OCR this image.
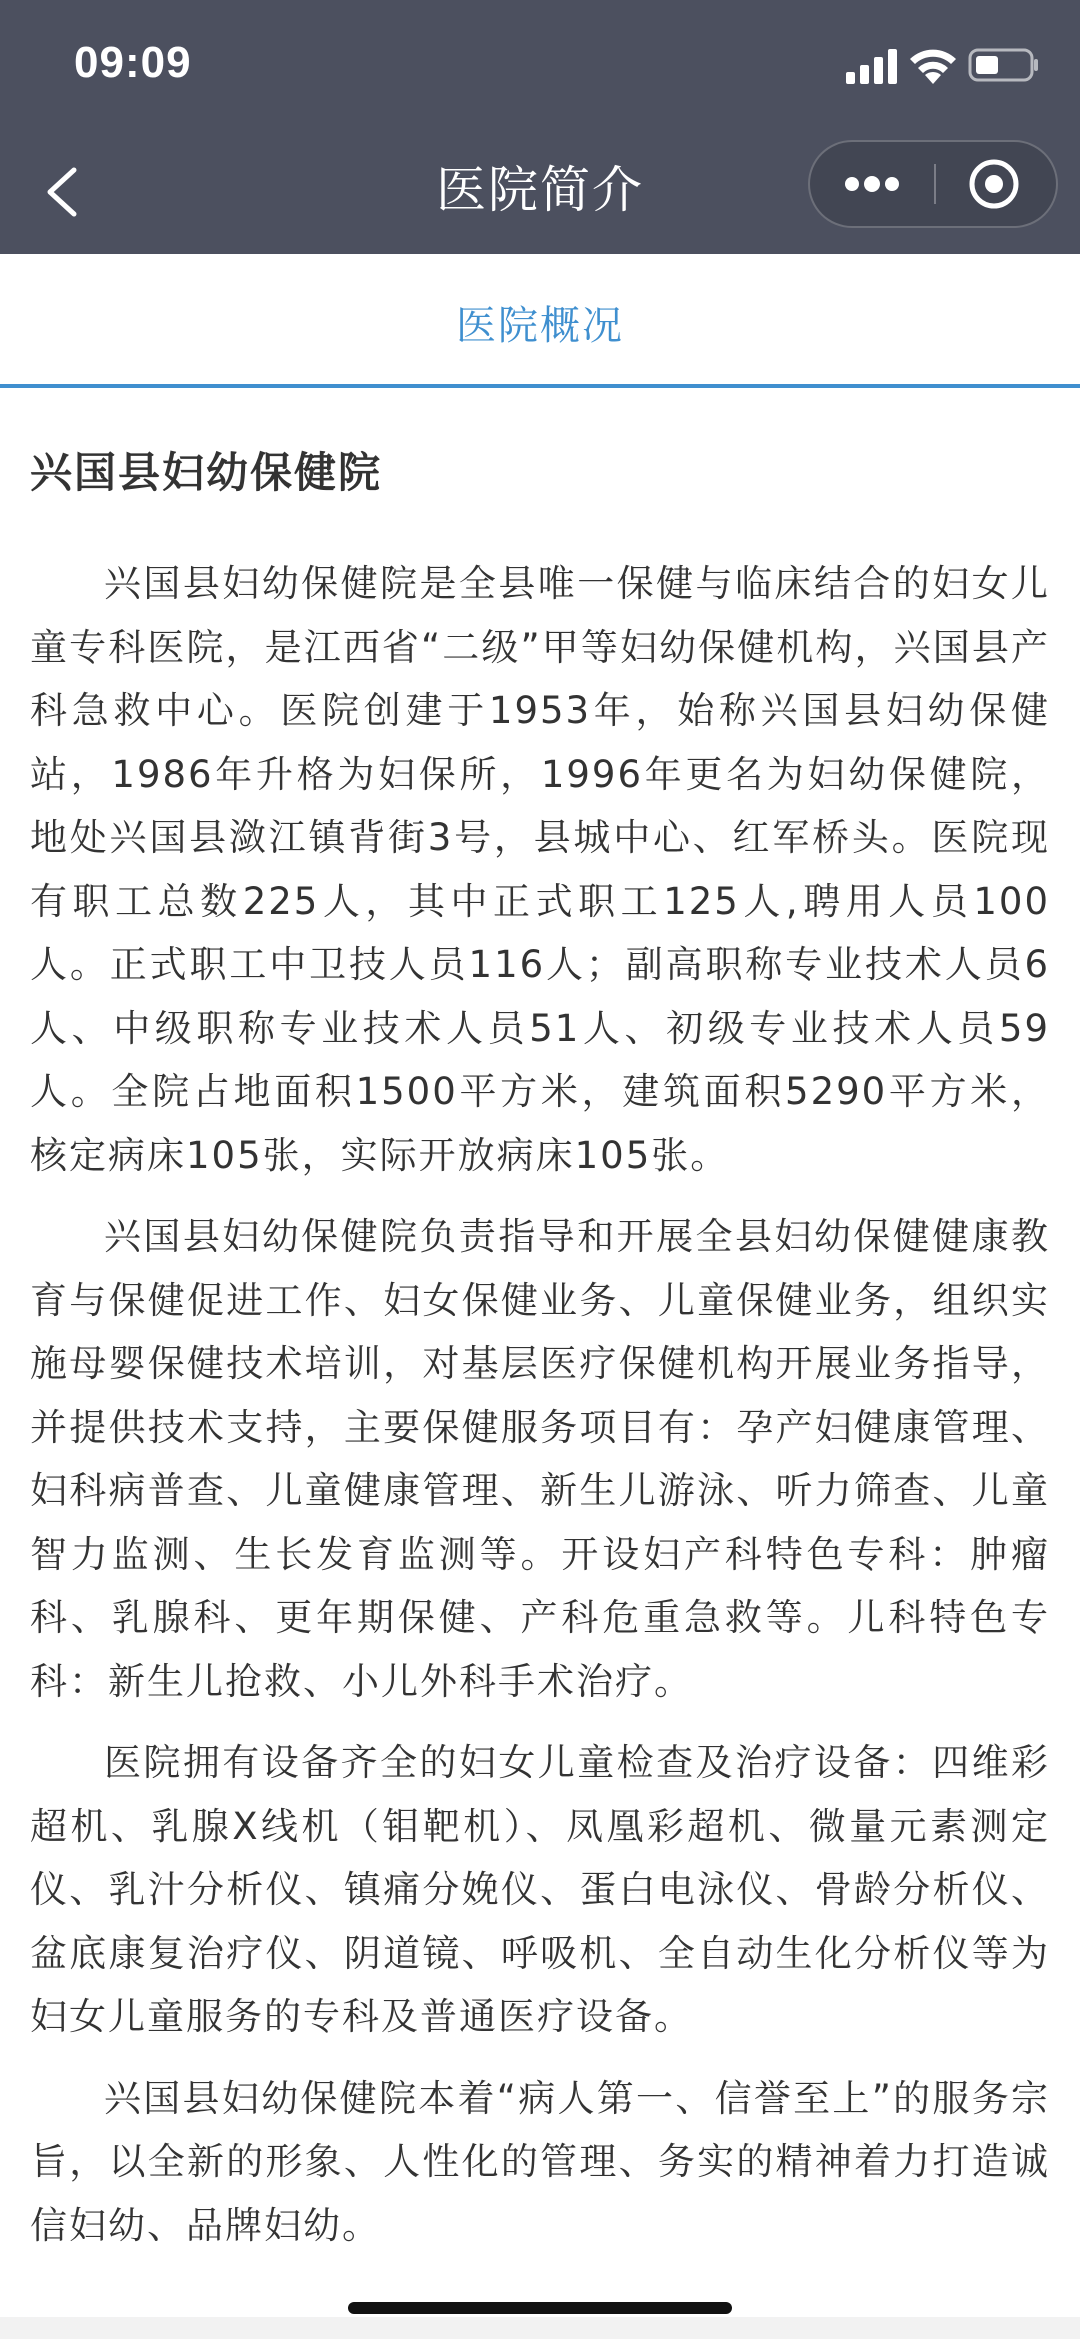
09:09
医院简介
医院概况
兴国县妇幼保健院

兴国县妇幼保健院是全县唯一保健与临床结合的妇女儿童专科医院，是江西省“二级”甲等妇幼保健机构，兴国县产科急救中心。医院创建于1953年，始称兴国县妇幼保健站，1986年升格为妇保所，1996年更名为妇幼保健院，地处兴国县潋江镇背街3号，县城中心、红军桥头。医院现有职工总数225人，其中正式职工125人,聘用人员100人。正式职工中卫技人员116人；副高职称专业技术人员6人、中级职称专业技术人员51人、初级专业技术人员59人。全院占地面积1500平方米，建筑面积5290平方米，核定病床105张，实际开放病床105张。

兴国县妇幼保健院负责指导和开展全县妇幼保健健康教育与保健促进工作、妇女保健业务、儿童保健业务，组织实施母婴保健技术培训，对基层医疗保健机构开展业务指导，并提供技术支持，主要保健服务项目有：孕产妇健康管理、妇科病普查、儿童健康管理、新生儿游泳、听力筛查、儿童智力监测、生长发育监测等。开设妇产科特色专科：肿瘤科、乳腺科、更年期保健、产科危重急救等。儿科特色专科：新生儿抢救、小儿外科手术治疗。

医院拥有设备齐全的妇女儿童检查及治疗设备：四维彩超机、乳腺X线机（钼靶机）、凤凰彩超机、微量元素测定仪、乳汁分析仪、镇痛分娩仪、蛋白电泳仪、骨龄分析仪、盆底康复治疗仪、阴道镜、呼吸机、全自动生化分析仪等为妇女儿童服务的专科及普通医疗设备。

兴国县妇幼保健院本着“病人第一、信誉至上”的服务宗旨，以全新的形象、人性化的管理、务实的精神着力打造诚信妇幼、品牌妇幼。
